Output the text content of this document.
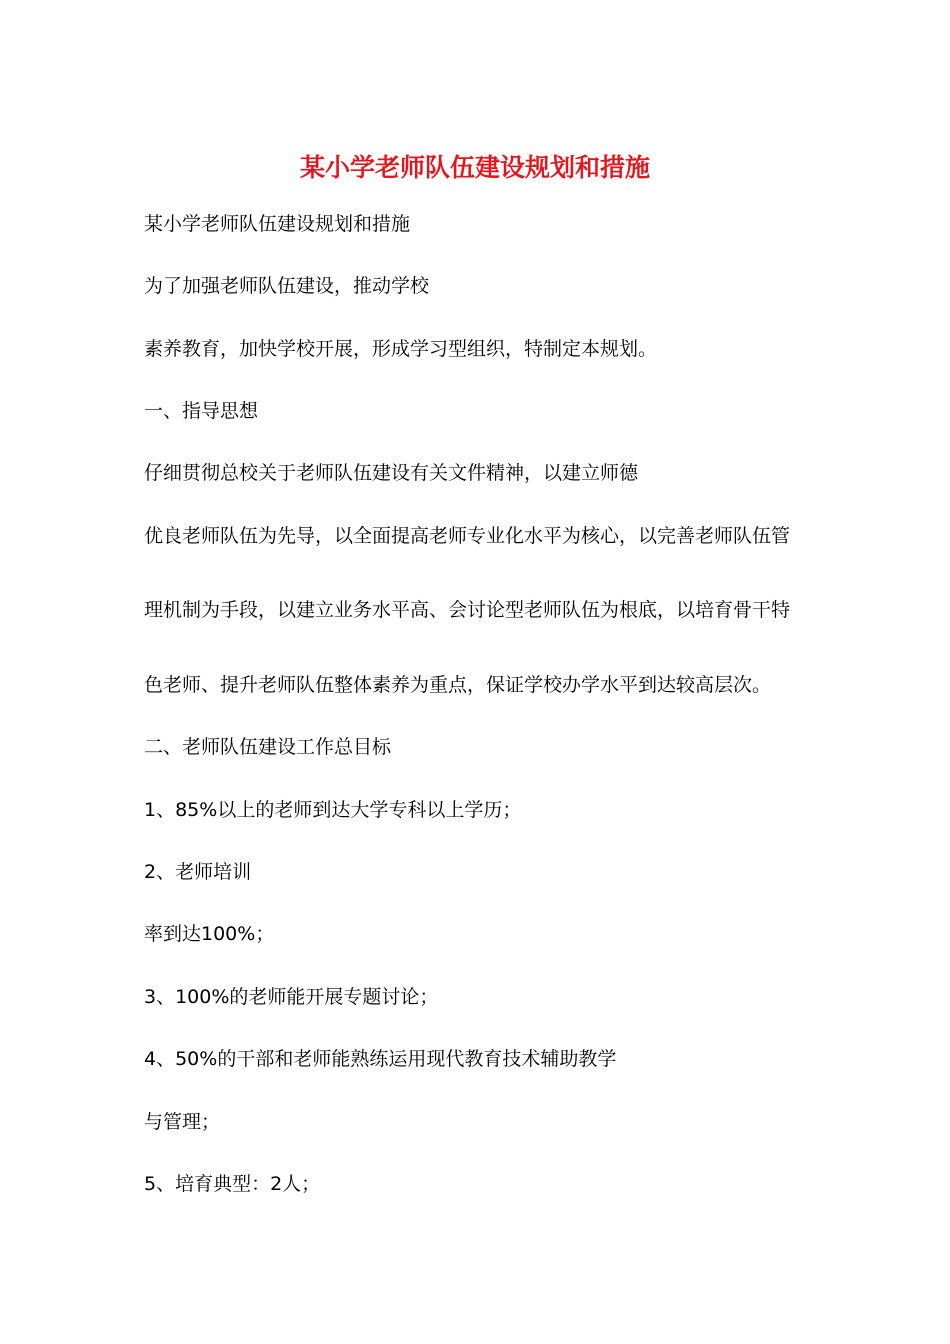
某小学老师队伍建设规划和措施
某小学老师队伍建设规划和措施
为了加强老师队伍建设，推动学校
素养教育，加快学校开展，形成学习型组织，特制定本规划。
一、指导思想
仔细贯彻总校关于老师队伍建设有关文件精神，以建立师德
优良老师队伍为先导，以全面提高老师专业化水平为核心，以完善老师队伍管
理机制为手段，以建立业务水平高、会讨论型老师队伍为根底，以培育骨干特
色老师、提升老师队伍整体素养为重点，保证学校办学水平到达较高层次。
二、老师队伍建设工作总目标
1、85%以上的老师到达大学专科以上学历；
2、老师培训
率到达100%；
3、100%的老师能开展专题讨论；
4、50%的干部和老师能熟练运用现代教育技术辅助教学
与管理；
5、培育典型：2人；
